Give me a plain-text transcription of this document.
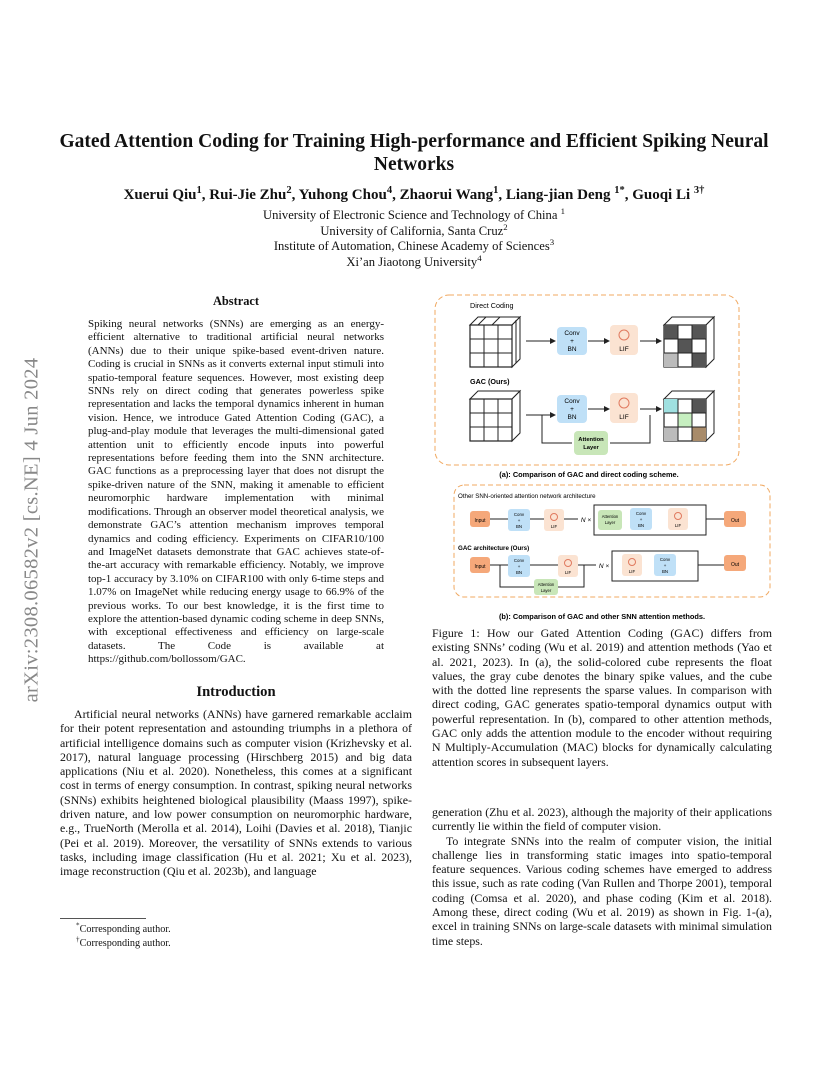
arXiv:2308.06582v2 [cs.NE] 4 Jun 2024
Gated Attention Coding for Training High-performance and Efficient Spiking Neural Networks
Xuerui Qiu$^1$, Rui-Jie Zhu$^2$, Yuhong Chou$^4$, Zhaorui Wang$^1$, Liang-jian Deng $^{1*}$, Guoqi Li $^{3\dagger}$
University of Electronic Science and Technology of China $^1$
University of California, Santa Cruz$^2$
Institute of Automation, Chinese Academy of Sciences$^3$
Xi’an Jiaotong University$^4$
Abstract

Spiking neural networks (SNNs) are emerging as an energy-efficient alternative to traditional artificial neural networks (ANNs) due to their unique spike-based event-driven nature. Coding is crucial in SNNs as it converts external input stimuli into spatio-temporal feature sequences. However, most existing deep SNNs rely on direct coding that generates powerless spike representation and lacks the temporal dynamics inherent in human vision. Hence, we introduce Gated Attention Coding (GAC), a plug-and-play module that leverages the multi-dimensional gated attention unit to efficiently encode inputs into powerful representations before feeding them into the SNN architecture. GAC functions as a preprocessing layer that does not disrupt the spike-driven nature of the SNN, making it amenable to efficient neuromorphic hardware implementation with minimal modifications. Through an observer model theoretical analysis, we demonstrate GAC’s attention mechanism improves temporal dynamics and coding efficiency. Experiments on CIFAR10/100 and ImageNet datasets demonstrate that GAC achieves state-of-the-art accuracy with remarkable efficiency. Notably, we improve top-1 accuracy by 3.10% on CIFAR100 with only 6-time steps and 1.07% on ImageNet while reducing energy usage to 66.9% of the previous works. To our best knowledge, it is the first time to explore the attention-based dynamic coding scheme in deep SNNs, with exceptional effectiveness and efficiency on large-scale datasets. The Code is available at https://github.com/bollossom/GAC.

Introduction

Artificial neural networks (ANNs) have garnered remarkable acclaim for their potent representation and astounding triumphs in a plethora of artificial intelligence domains such as computer vision (Krizhevsky et al. 2017), natural language processing (Hirschberg 2015) and big data applications (Niu et al. 2020). Nonetheless, this comes at a significant cost in terms of energy consumption. In contrast, spiking neural networks (SNNs) exhibits heightened biological plausibility (Maass 1997), spike-driven nature, and low power consumption on neuromorphic hardware, e.g., TrueNorth (Merolla et al. 2014), Loihi (Davies et al. 2018), Tianjic (Pei et al. 2019). Moreover, the versatility of SNNs extends to various tasks, including image classification (Hu et al. 2021; Xu et al. 2023), image reconstruction (Qiu et al. 2023b), and language

*Corresponding author.
†Corresponding author.
Direct Coding
Conv
+
BN	LIF
GAC (Ours)
Conv
+
BN	LIF
Attention
Layer
(a): Comparison of GAC and direct coding scheme.
Other SNN-oriented attention network architecture
Input
Conv
+
BN	LIF
N ×
Attention
Layer
Conv
+
BN	LIF
Out
GAC architecture (Ours)
Input
Conv
+
BN	LIF
Attention
Layer
N ×
LIF
Conv
+
BN
Out
(b): Comparison of GAC and other SNN attention methods.

Figure 1: How our Gated Attention Coding (GAC) differs from existing SNNs’ coding (Wu et al. 2019) and attention methods (Yao et al. 2021, 2023). In (a), the solid-colored cube represents the float values, the gray cube denotes the binary spike values, and the cube with the dotted line represents the sparse values. In comparison with direct coding, GAC generates spatio-temporal dynamics output with powerful representation. In (b), compared to other attention methods, GAC only adds the attention module to the encoder without requiring N Multiply-Accumulation (MAC) blocks for dynamically calculating attention scores in subsequent layers.

generation (Zhu et al. 2023), although the majority of their applications currently lie within the field of computer vision.

To integrate SNNs into the realm of computer vision, the initial challenge lies in transforming static images into spatio-temporal feature sequences. Various coding schemes have emerged to address this issue, such as rate coding (Van Rullen and Thorpe 2001), temporal coding (Comsa et al. 2020), and phase coding (Kim et al. 2018). Among these, direct coding (Wu et al. 2019) as shown in Fig. 1-(a), excel in training SNNs on large-scale datasets with minimal simulation time steps.
